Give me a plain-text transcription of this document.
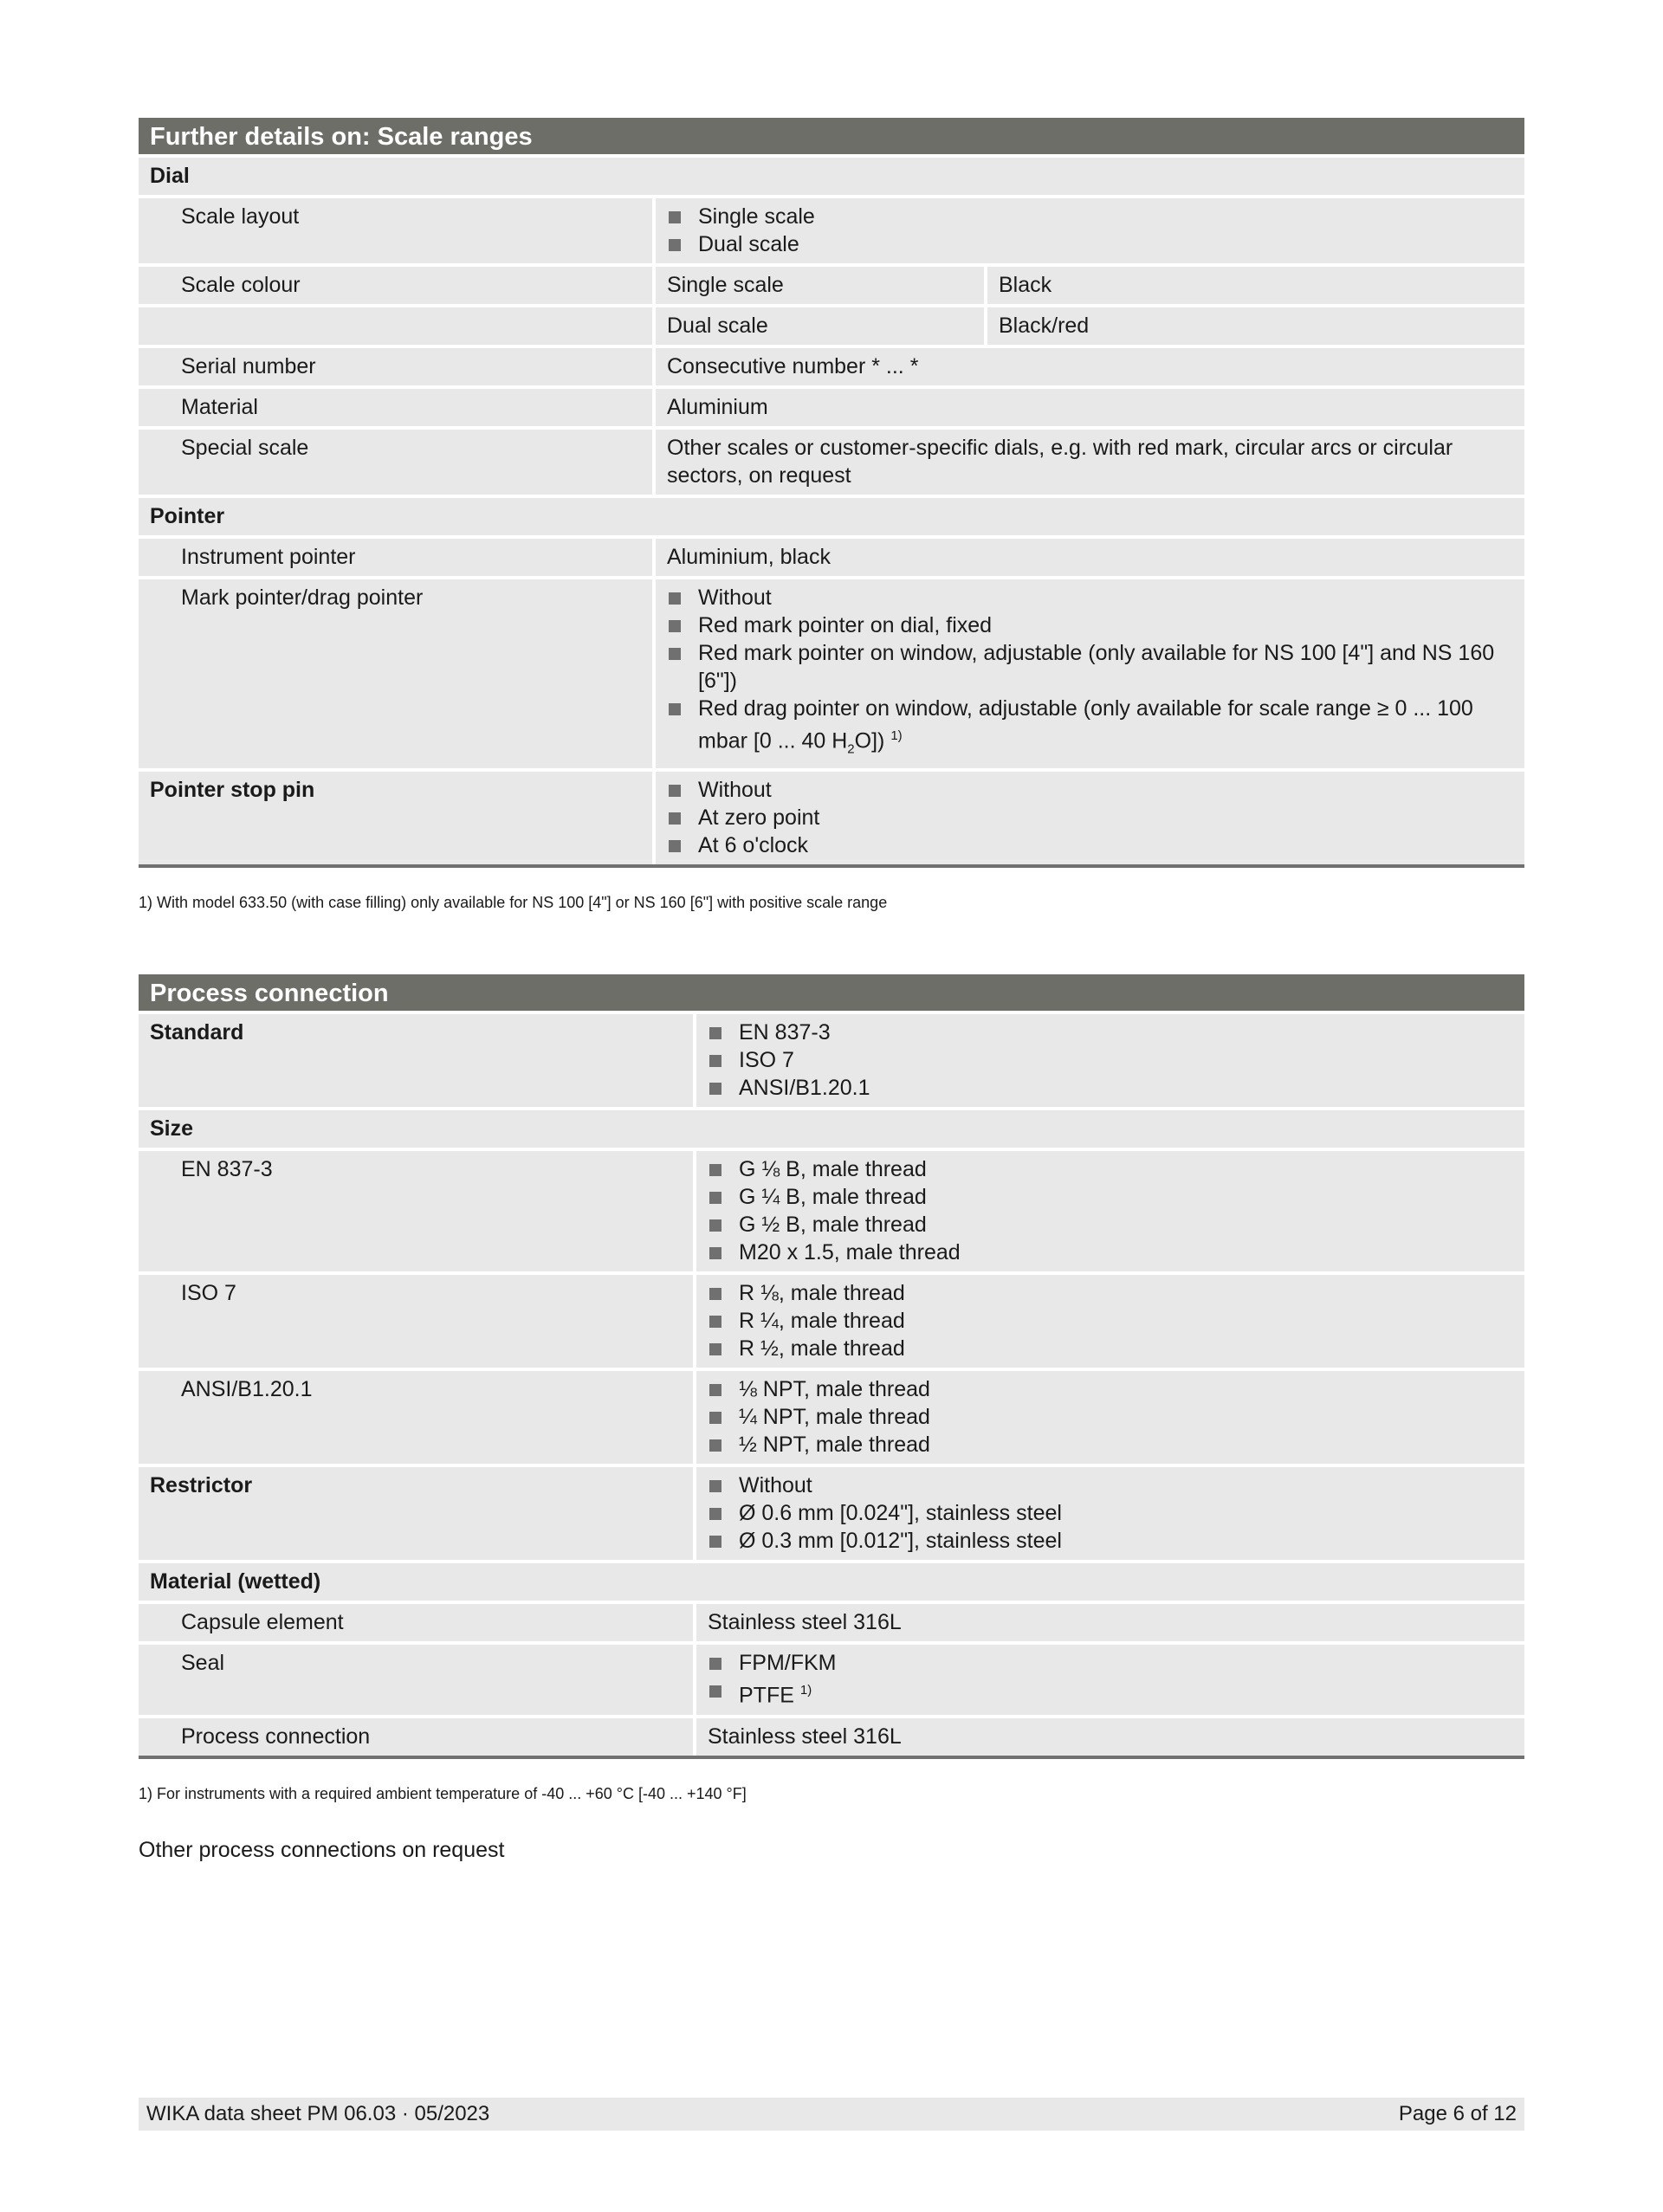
Further details on: Scale ranges
Dial
Scale layout	Single scale
Dual scale
Scale colour	Single scale	Black
Dual scale	Black/red
Serial number	Consecutive number * ... *
Material	Aluminium
Special scale	Other scales or customer-specific dials, e.g. with red mark, circular arcs or circular sectors, on request
Pointer
Instrument pointer	Aluminium, black
Mark pointer/drag pointer	Without
Red mark pointer on dial, fixed
Red mark pointer on window, adjustable (only available for NS 100 [4"] and NS 160 [6"])
Red drag pointer on window, adjustable (only available for scale range ≥ 0 ... 100 mbar [0 ... 40 $H_2O$]) $^{1)}$
Pointer stop pin	Without
At zero point
At 6 o'clock
1) With model 633.50 (with case filling) only available for NS 100 [4"] or NS 160 [6"] with positive scale range
Process connection
Standard	EN 837-3
ISO 7
ANSI/B1.20.1
Size
EN 837-3	G ⅛ B, male thread
G ¼ B, male thread
G ½ B, male thread
M20 x 1.5, male thread
ISO 7	R ⅛, male thread
R ¼, male thread
R ½, male thread
ANSI/B1.20.1	⅛ NPT, male thread
¼ NPT, male thread
½ NPT, male thread
Restrictor	Without
Ø 0.6 mm [0.024"], stainless steel
Ø 0.3 mm [0.012"], stainless steel
Material (wetted)
Capsule element	Stainless steel 316L
Seal	FPM/FKM
PTFE $^{1)}$
Process connection	Stainless steel 316L
1) For instruments with a required ambient temperature of -40 ... +60 °C [-40 ... +140 °F]
Other process connections on request
WIKA data sheet PM 06.03 · 05/2023	Page 6 of 12
